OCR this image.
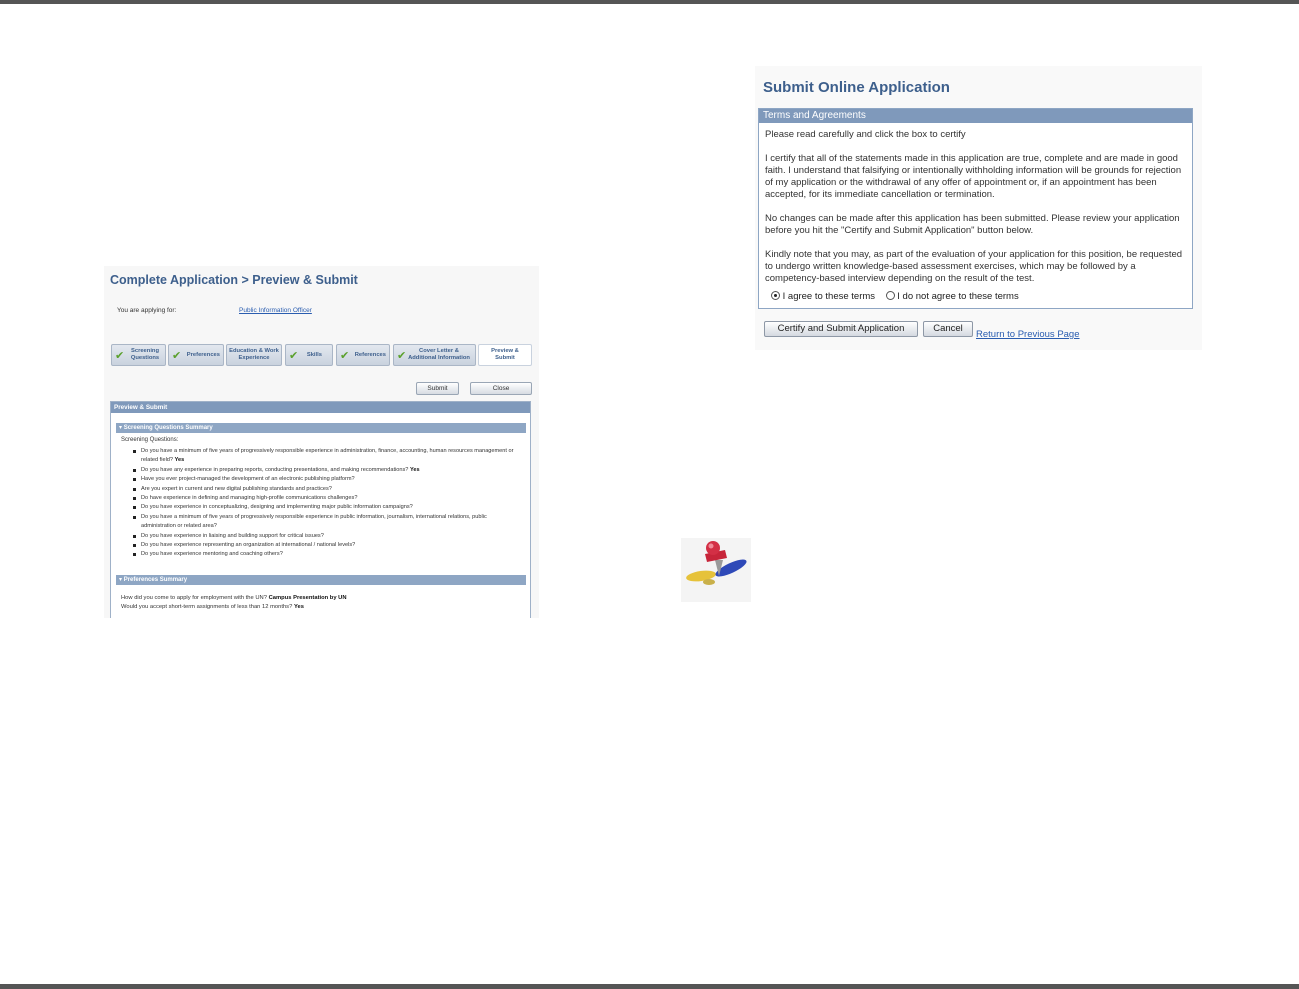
Complete Application > Preview & Submit
You are applying for:	Public Information Officer
✔	Screening Questions ✔ Preferences
Education & Work Experience	✔ Skills ✔ References ✔	Cover Letter & Additional Information
Preview & Submit
Submit	Close
Preview & Submit
▾ Screening Questions Summary
Screening Questions:
Do you have a minimum of five years of progressively responsible experience in administration, finance, accounting, human resources management or related field? Yes
Do you have any experience in preparing reports, conducting presentations, and making recommendations? Yes
Have you ever project-managed the development of an electronic publishing platform?
Are you expert in current and new digital publishing standards and practices?
Do have experience in defining and managing high-profile communications challenges?
Do you have experience in conceptualizing, designing and implementing major public information campaigns?
Do you have a minimum of five years of progressively responsible experience in public information, journalism, international relations, public administration or related area?
Do you have experience in liaising and building support for critical issues?
Do you have experience representing an organization at international / national levels?
Do you have experience mentoring and coaching others?
▾ Preferences Summary
How did you come to apply for employment with the UN? Campus Presentation by UN
Would you accept short-term assignments of less than 12 months? Yes
Submit Online Application
Terms and Agreements

Please read carefully and click the box to certify

I certify that all of the statements made in this application are true, complete and are made in good faith. I understand that falsifying or intentionally withholding information will be grounds for rejection of my application or the withdrawal of any offer of appointment or, if an appointment has been accepted, for its immediate cancellation or termination.

No changes can be made after this application has been submitted. Please review your application before you hit the "Certify and Submit Application" button below.

Kindly note that you may, as part of the evaluation of your application for this position, be requested to undergo written knowledge-based assessment exercises, which may be followed by a competency-based interview depending on the result of the test.

I agree to these terms I do not agree to these terms
Certify and Submit Application	Cancel
Return to Previous Page
